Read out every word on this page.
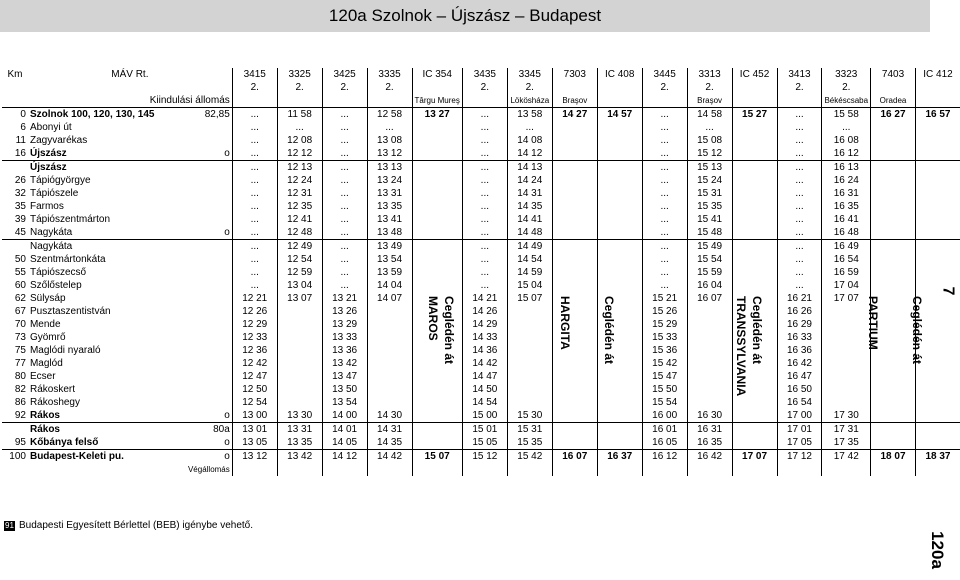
120a Szolnok – Újszász – Budapest
7
120a
Km	MÁV Rt.		3415	3325	3425	3335	IC 354	3435	3345	7303	IC 408	3445	3313	IC 452	3413	3323	7403	IC 412
			2.	2.	2.	2.		2.	2.			2.	2.		2.	2.		
	Kiindulási állomás						Târgu Mureş		Lökösháza	Braşov			Braşov			Békéscsaba	Oradea	
0	Szolnok 100, 120, 130, 145	82,85	...	11 58	...	12 58	13 27	...	13 58	14 27	14 57	...	14 58	15 27	...	15 58	16 27	16 57
6	Abonyi út		...	...	...	...		...	...			...	...		...	...		
11	Zagyvarékas		...	12 08	...	13 08		...	14 08			...	15 08		...	16 08		
16	Újszász	o	...	12 12	...	13 12		...	14 12			...	15 12		...	16 12		
	Újszász		...	12 13	...	13 13		...	14 13			...	15 13		...	16 13		
26	Tápiógyörgye		...	12 24	...	13 24		...	14 24			...	15 24		...	16 24		
32	Tápiószele		...	12 31	...	13 31		...	14 31			...	15 31		...	16 31		
35	Farmos		...	12 35	...	13 35		...	14 35			...	15 35		...	16 35		
39	Tápiószentmárton		...	12 41	...	13 41		...	14 41			...	15 41		...	16 41		
45	Nagykáta	o	...	12 48	...	13 48		...	14 48			...	15 48		...	16 48		
	Nagykáta		...	12 49	...	13 49		...	14 49			...	15 49		...	16 49		
50	Szentmártonkáta		...	12 54	...	13 54		...	14 54			...	15 54		...	16 54		
55	Tápiószecső		...	12 59	...	13 59		...	14 59			...	15 59		...	16 59		
60	Szőlőstelep		...	13 04	...	14 04		...	15 04			...	16 04		...	17 04		
62	Sülysáp		12 21	13 07	13 21	14 07		14 21	15 07			15 21	16 07		16 21	17 07		
67	Pusztaszentistván		12 26		13 26			14 26				15 26			16 26			
70	Mende		12 29		13 29			14 29				15 29			16 29			
73	Gyömrő		12 33		13 33			14 33				15 33			16 33			
75	Maglódi nyaraló		12 36		13 36			14 36				15 36			16 36			
77	Maglód		12 42		13 42			14 42				15 42			16 42			
80	Ecser		12 47		13 47			14 47				15 47			16 47			
82	Rákoskert		12 50		13 50			14 50				15 50			16 50			
86	Rákoshegy		12 54		13 54			14 54				15 54			16 54			
92	Rákos	o	13 00	13 30	14 00	14 30		15 00	15 30			16 00	16 30		17 00	17 30		
	Rákos	80a	13 01	13 31	14 01	14 31		15 01	15 31			16 01	16 31		17 01	17 31		
95	Kőbánya felső	o	13 05	13 35	14 05	14 35		15 05	15 35			16 05	16 35		17 05	17 35		
100	Budapest-Keleti pu.	o	13 12	13 42	14 12	14 42	15 07	15 12	15 42	16 07	16 37	16 12	16 42	17 07	17 12	17 42	18 07	18 37
	Végállomás																	
91 Budapesti Egyesített Bérlettel (BEB) igénybe vehető.
MAROS Ceglédén át	HARGITA	Ceglédén át	TRANSSYLVANIA Ceglédén át	PARTIUM	Ceglédén át
